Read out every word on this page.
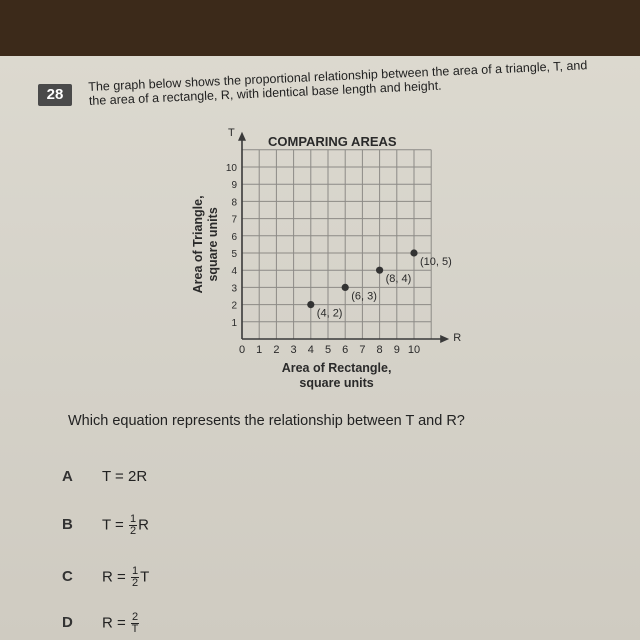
28
The graph below shows the proportional relationship between the area of a triangle, T, and the area of a rectangle, R, with identical base length and height.
COMPARING AREAS
0 1 2 3 4 5 6 7 8 9 10
1
2
3
4
5
6
7
8
9
10
R
T
(4, 2)
(6, 3)
(8, 4)
(10, 5)
Area of Rectangle,
square units
Area of Triangle, square units
Which equation represents the relationship between T and R?
A T = 2R
B $T = \frac{1}{2}$ R
C $R = \frac{1}{2}$ T
D $R = \frac{2}{T}$
